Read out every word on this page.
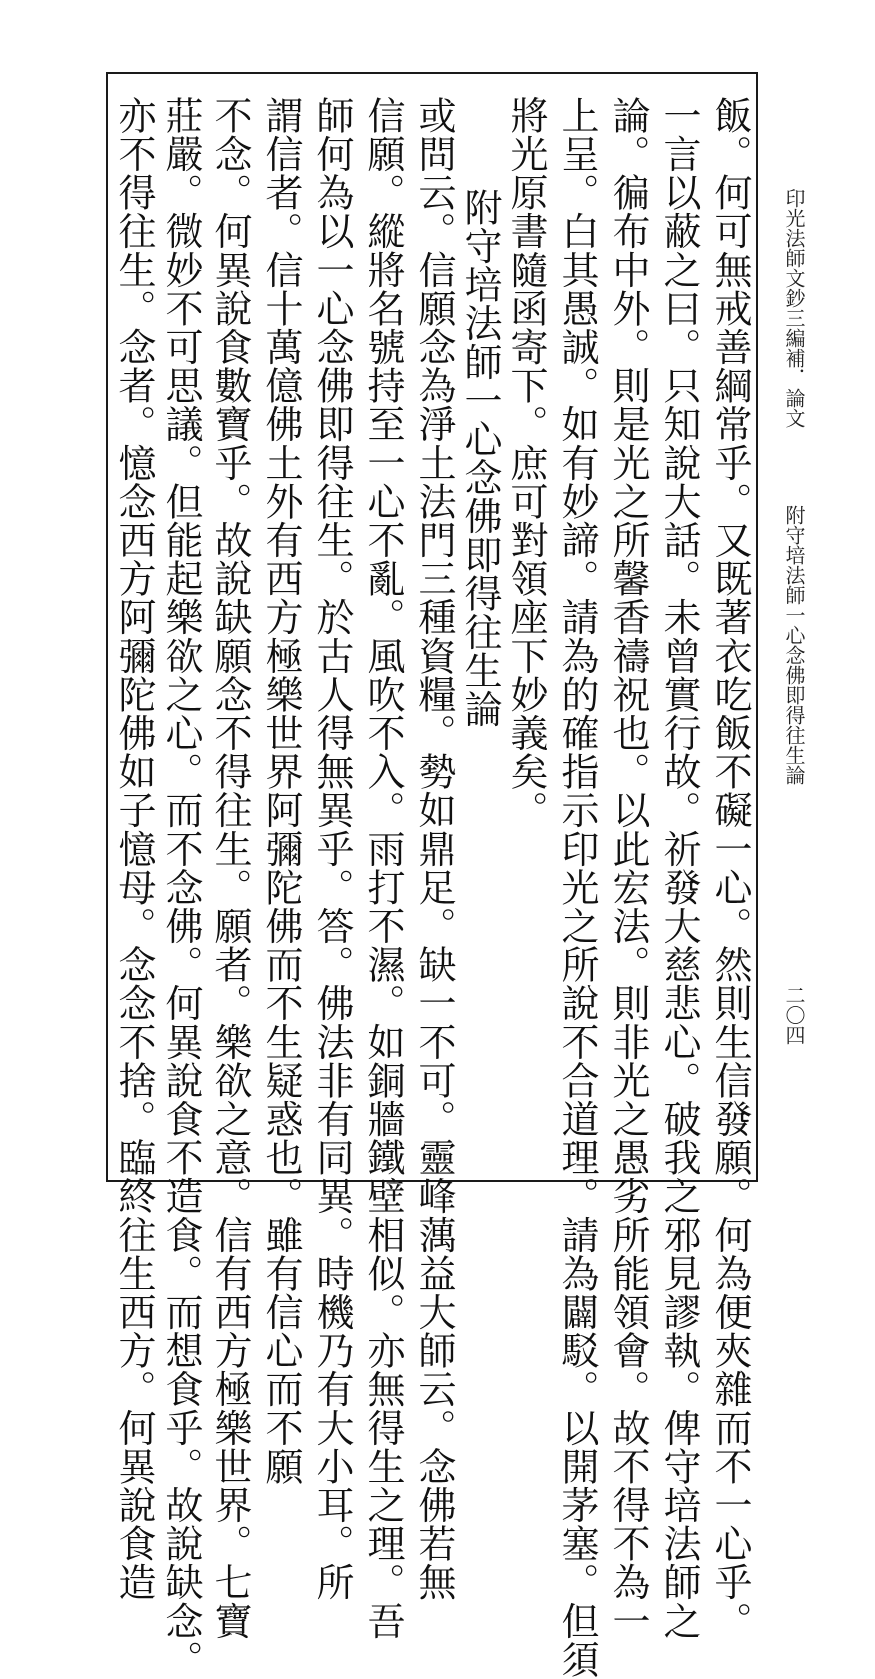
印光法師文鈔三編補．論文
附守培法師一心念佛即得往生論
二〇四
飯。何可無戒善綱常乎。又既著衣吃飯不礙一心。然則生信發願。何為便夾雜而不一心乎。
一言以蔽之曰。只知說大話。未曾實行故。祈發大慈悲心。破我之邪見謬執。俾守培法師之
論。徧布中外。則是光之所馨香禱祝也。以此宏法。則非光之愚劣所能領會。故不得不為一
上呈。白其愚誠。如有妙諦。請為的確指示印光之所說不合道理。請為闢駁。以開茅塞。但須
將光原書隨函寄下。庶可對領座下妙義矣。
附守培法師一心念佛即得往生論
或問云。信願念為淨土法門三種資糧。勢如鼎足。缺一不可。靈峰蕅益大師云。念佛若無
信願。縱將名號持至一心不亂。風吹不入。雨打不濕。如銅牆鐵壁相似。亦無得生之理。吾
師何為以一心念佛即得往生。於古人得無異乎。答。佛法非有同異。時機乃有大小耳。所
謂信者。信十萬億佛土外有西方極樂世界阿彌陀佛而不生疑惑也。雖有信心而不願
不念。何異說食數寶乎。故說缺願念不得往生。願者。樂欲之意。信有西方極樂世界。七寶
莊嚴。微妙不可思議。但能起樂欲之心。而不念佛。何異說食不造食。而想食乎。故說缺念。
亦不得往生。念者。憶念西方阿彌陀佛如子憶母。念念不捨。臨終往生西方。何異說食造
